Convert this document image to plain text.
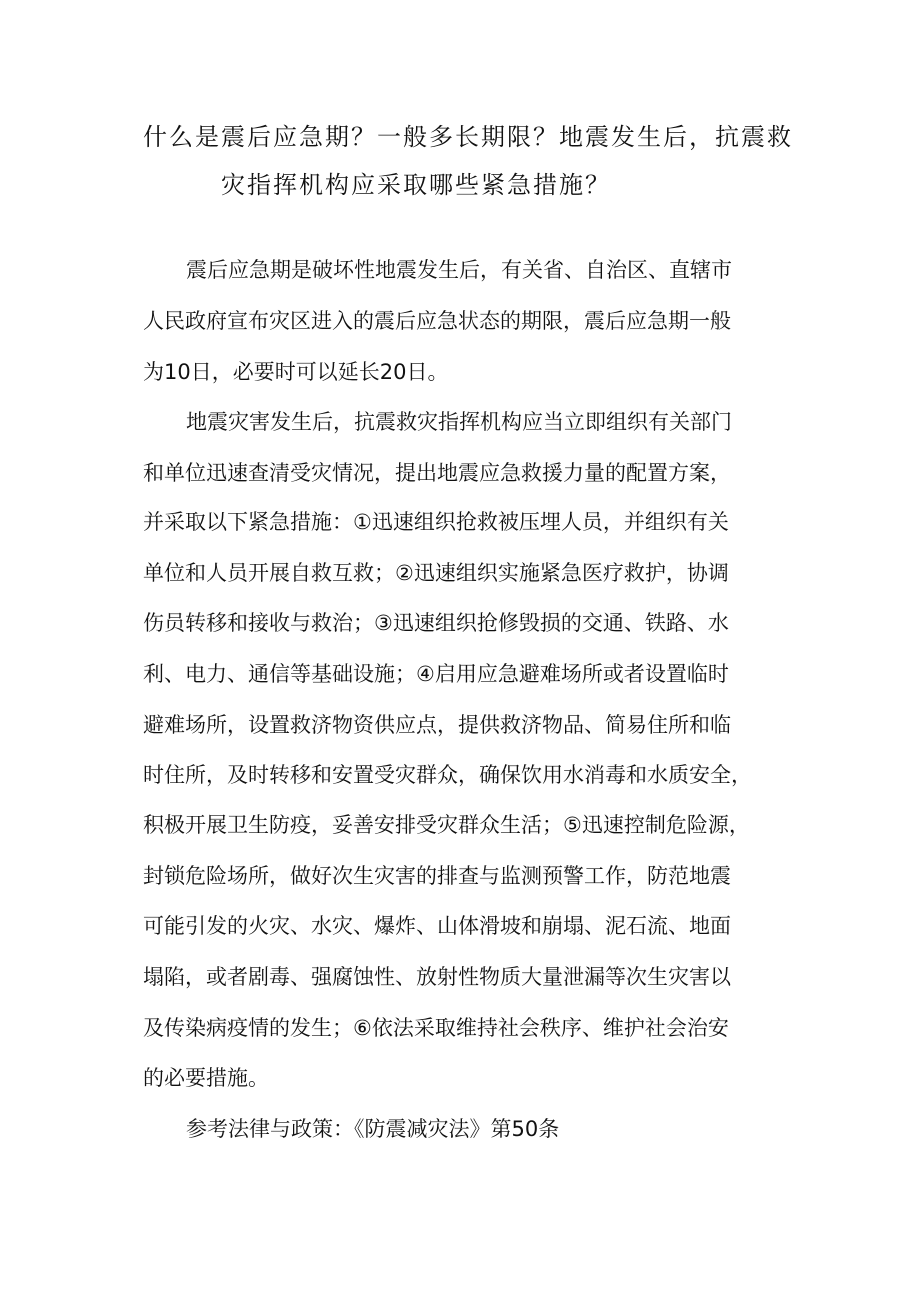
什么是震后应急期？一般多长期限？地震发生后，抗震救
灾指挥机构应采取哪些紧急措施？
震后应急期是破坏性地震发生后，有关省、自治区、直辖市
人民政府宣布灾区进入的震后应急状态的期限，震后应急期一般
为10日，必要时可以延长20日。
地震灾害发生后，抗震救灾指挥机构应当立即组织有关部门
和单位迅速查清受灾情况，提出地震应急救援力量的配置方案，
并采取以下紧急措施：①迅速组织抢救被压埋人员，并组织有关
单位和人员开展自救互救；②迅速组织实施紧急医疗救护，协调
伤员转移和接收与救治；③迅速组织抢修毁损的交通、铁路、水
利、电力、通信等基础设施；④启用应急避难场所或者设置临时
避难场所，设置救济物资供应点，提供救济物品、简易住所和临
时住所，及时转移和安置受灾群众，确保饮用水消毒和水质安全，
积极开展卫生防疫，妥善安排受灾群众生活；⑤迅速控制危险源，
封锁危险场所，做好次生灾害的排查与监测预警工作，防范地震
可能引发的火灾、水灾、爆炸、山体滑坡和崩塌、泥石流、地面
塌陷，或者剧毒、强腐蚀性、放射性物质大量泄漏等次生灾害以
及传染病疫情的发生；⑥依法采取维持社会秩序、维护社会治安
的必要措施。
参考法律与政策：《防震减灾法》第50条
